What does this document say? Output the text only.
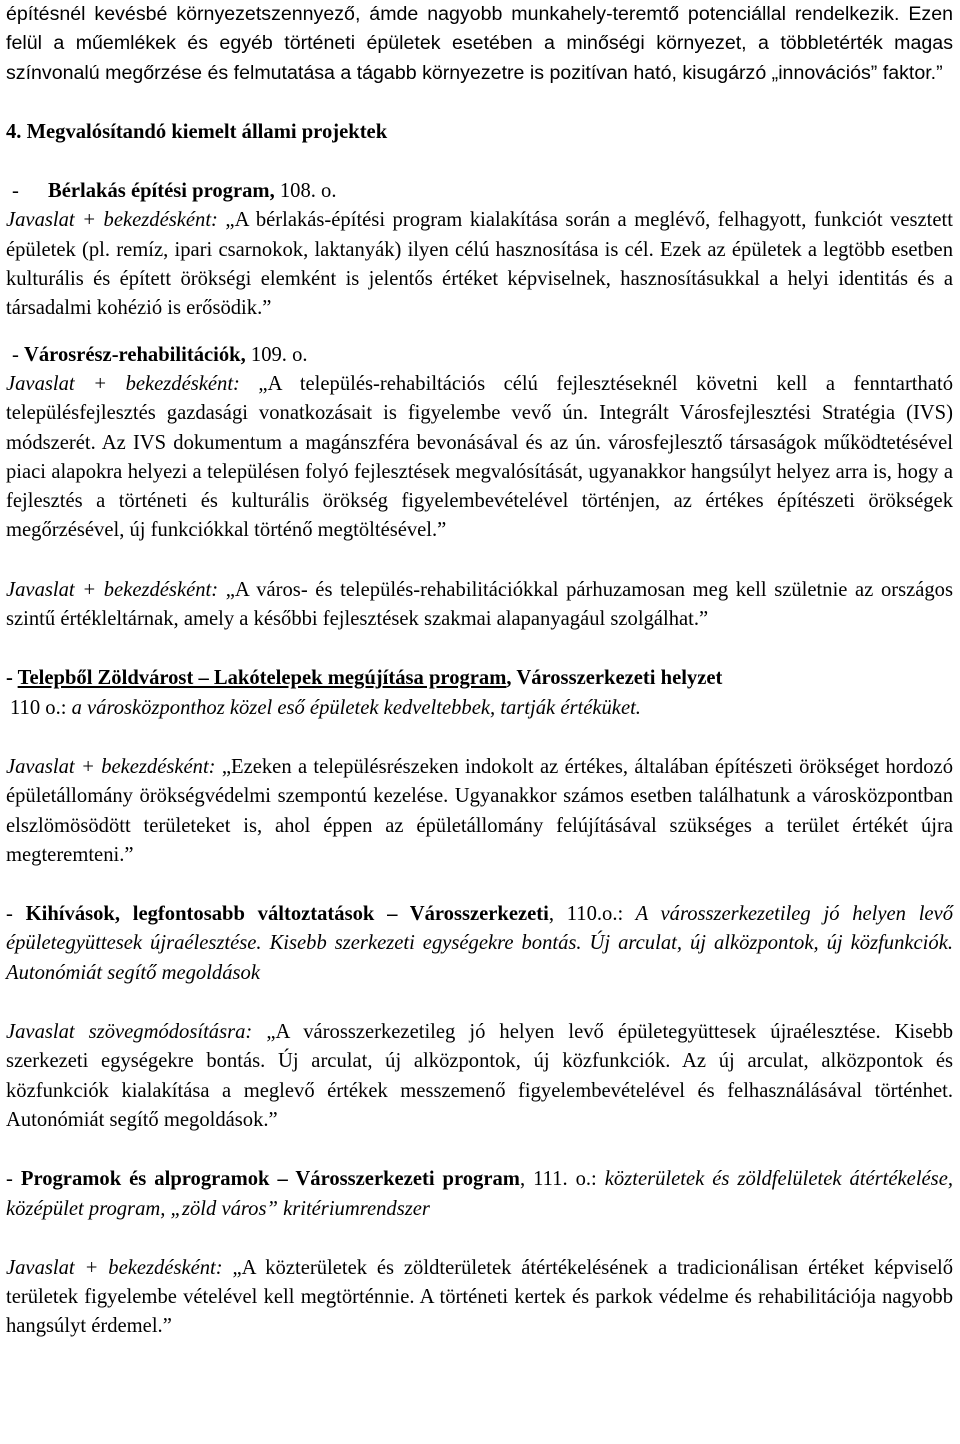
építésnél kevésbé környezetszennyező, ámde nagyobb munkahely-teremtő potenciállal rendelkezik. Ezen felül a műemlékek és egyéb történeti épületek esetében a minőségi környezet, a többletérték magas színvonalú megőrzése és felmutatása a tágabb környezetre is pozitívan ható, kisugárzó „innovációs” faktor.”

4. Megvalósítandó kiemelt állami projektek

- Bérlakás építési program, 108. o.

Javaslat + bekezdésként: „A bérlakás-építési program kialakítása során a meglévő, felhagyott, funkciót vesztett épületek (pl. remíz, ipari csarnokok, laktanyák) ilyen célú hasznosítása is cél. Ezek az épületek a legtöbb esetben kulturális és épített örökségi elemként is jelentős értéket képviselnek, hasznosításukkal a helyi identitás és a társadalmi kohézió is erősödik.”

- Városrész-rehabilitációk, 109. o.

Javaslat + bekezdésként: „A település-rehabiltációs célú fejlesztéseknél követni kell a fenntartható településfejlesztés gazdasági vonatkozásait is figyelembe vevő ún. Integrált Városfejlesztési Stratégia (IVS) módszerét. Az IVS dokumentum a magánszféra bevonásával és az ún. városfejlesztő társaságok működtetésével piaci alapokra helyezi a településen folyó fejlesztések megvalósítását, ugyanakkor hangsúlyt helyez arra is, hogy a fejlesztés a történeti és kulturális örökség figyelembevételével történjen, az értékes építészeti örökségek megőrzésével, új funkciókkal történő megtöltésével.”

Javaslat + bekezdésként: „A város- és település-rehabilitációkkal párhuzamosan meg kell születnie az országos szintű értékleltárnak, amely a későbbi fejlesztések szakmai alapanyagául szolgálhat.”

- Telepből Zöldvárost – Lakótelepek megújítása program, Városszerkezeti helyzet

110 o.: a városközponthoz közel eső épületek kedveltebbek, tartják értéküket.

Javaslat + bekezdésként: „Ezeken a településrészeken indokolt az értékes, általában építészeti örökséget hordozó épületállomány örökségvédelmi szempontú kezelése. Ugyanakkor számos esetben találhatunk a városközpontban elszlömösödött területeket is, ahol éppen az épületállomány felújításával szükséges a terület értékét újra megteremteni.”

- Kihívások, legfontosabb változtatások – Városszerkezeti, 110.o.: A városszerkezetileg jó helyen levő épületegyüttesek újraélesztése. Kisebb szerkezeti egységekre bontás. Új arculat, új alközpontok, új közfunkciók. Autonómiát segítő megoldások

Javaslat szövegmódosításra: „A városszerkezetileg jó helyen levő épületegyüttesek újraélesztése. Kisebb szerkezeti egységekre bontás. Új arculat, új alközpontok, új közfunkciók. Az új arculat, alközpontok és közfunkciók kialakítása a meglevő értékek messzemenő figyelembevételével és felhasználásával történhet. Autonómiát segítő megoldások.”

- Programok és alprogramok – Városszerkezeti program, 111. o.: közterületek és zöldfelületek átértékelése, középület program, „zöld város” kritériumrendszer

Javaslat + bekezdésként: „A közterületek és zöldterületek átértékelésének a tradicionálisan értéket képviselő területek figyelembe vételével kell megtörténnie. A történeti kertek és parkok védelme és rehabilitációja nagyobb hangsúlyt érdemel.”
